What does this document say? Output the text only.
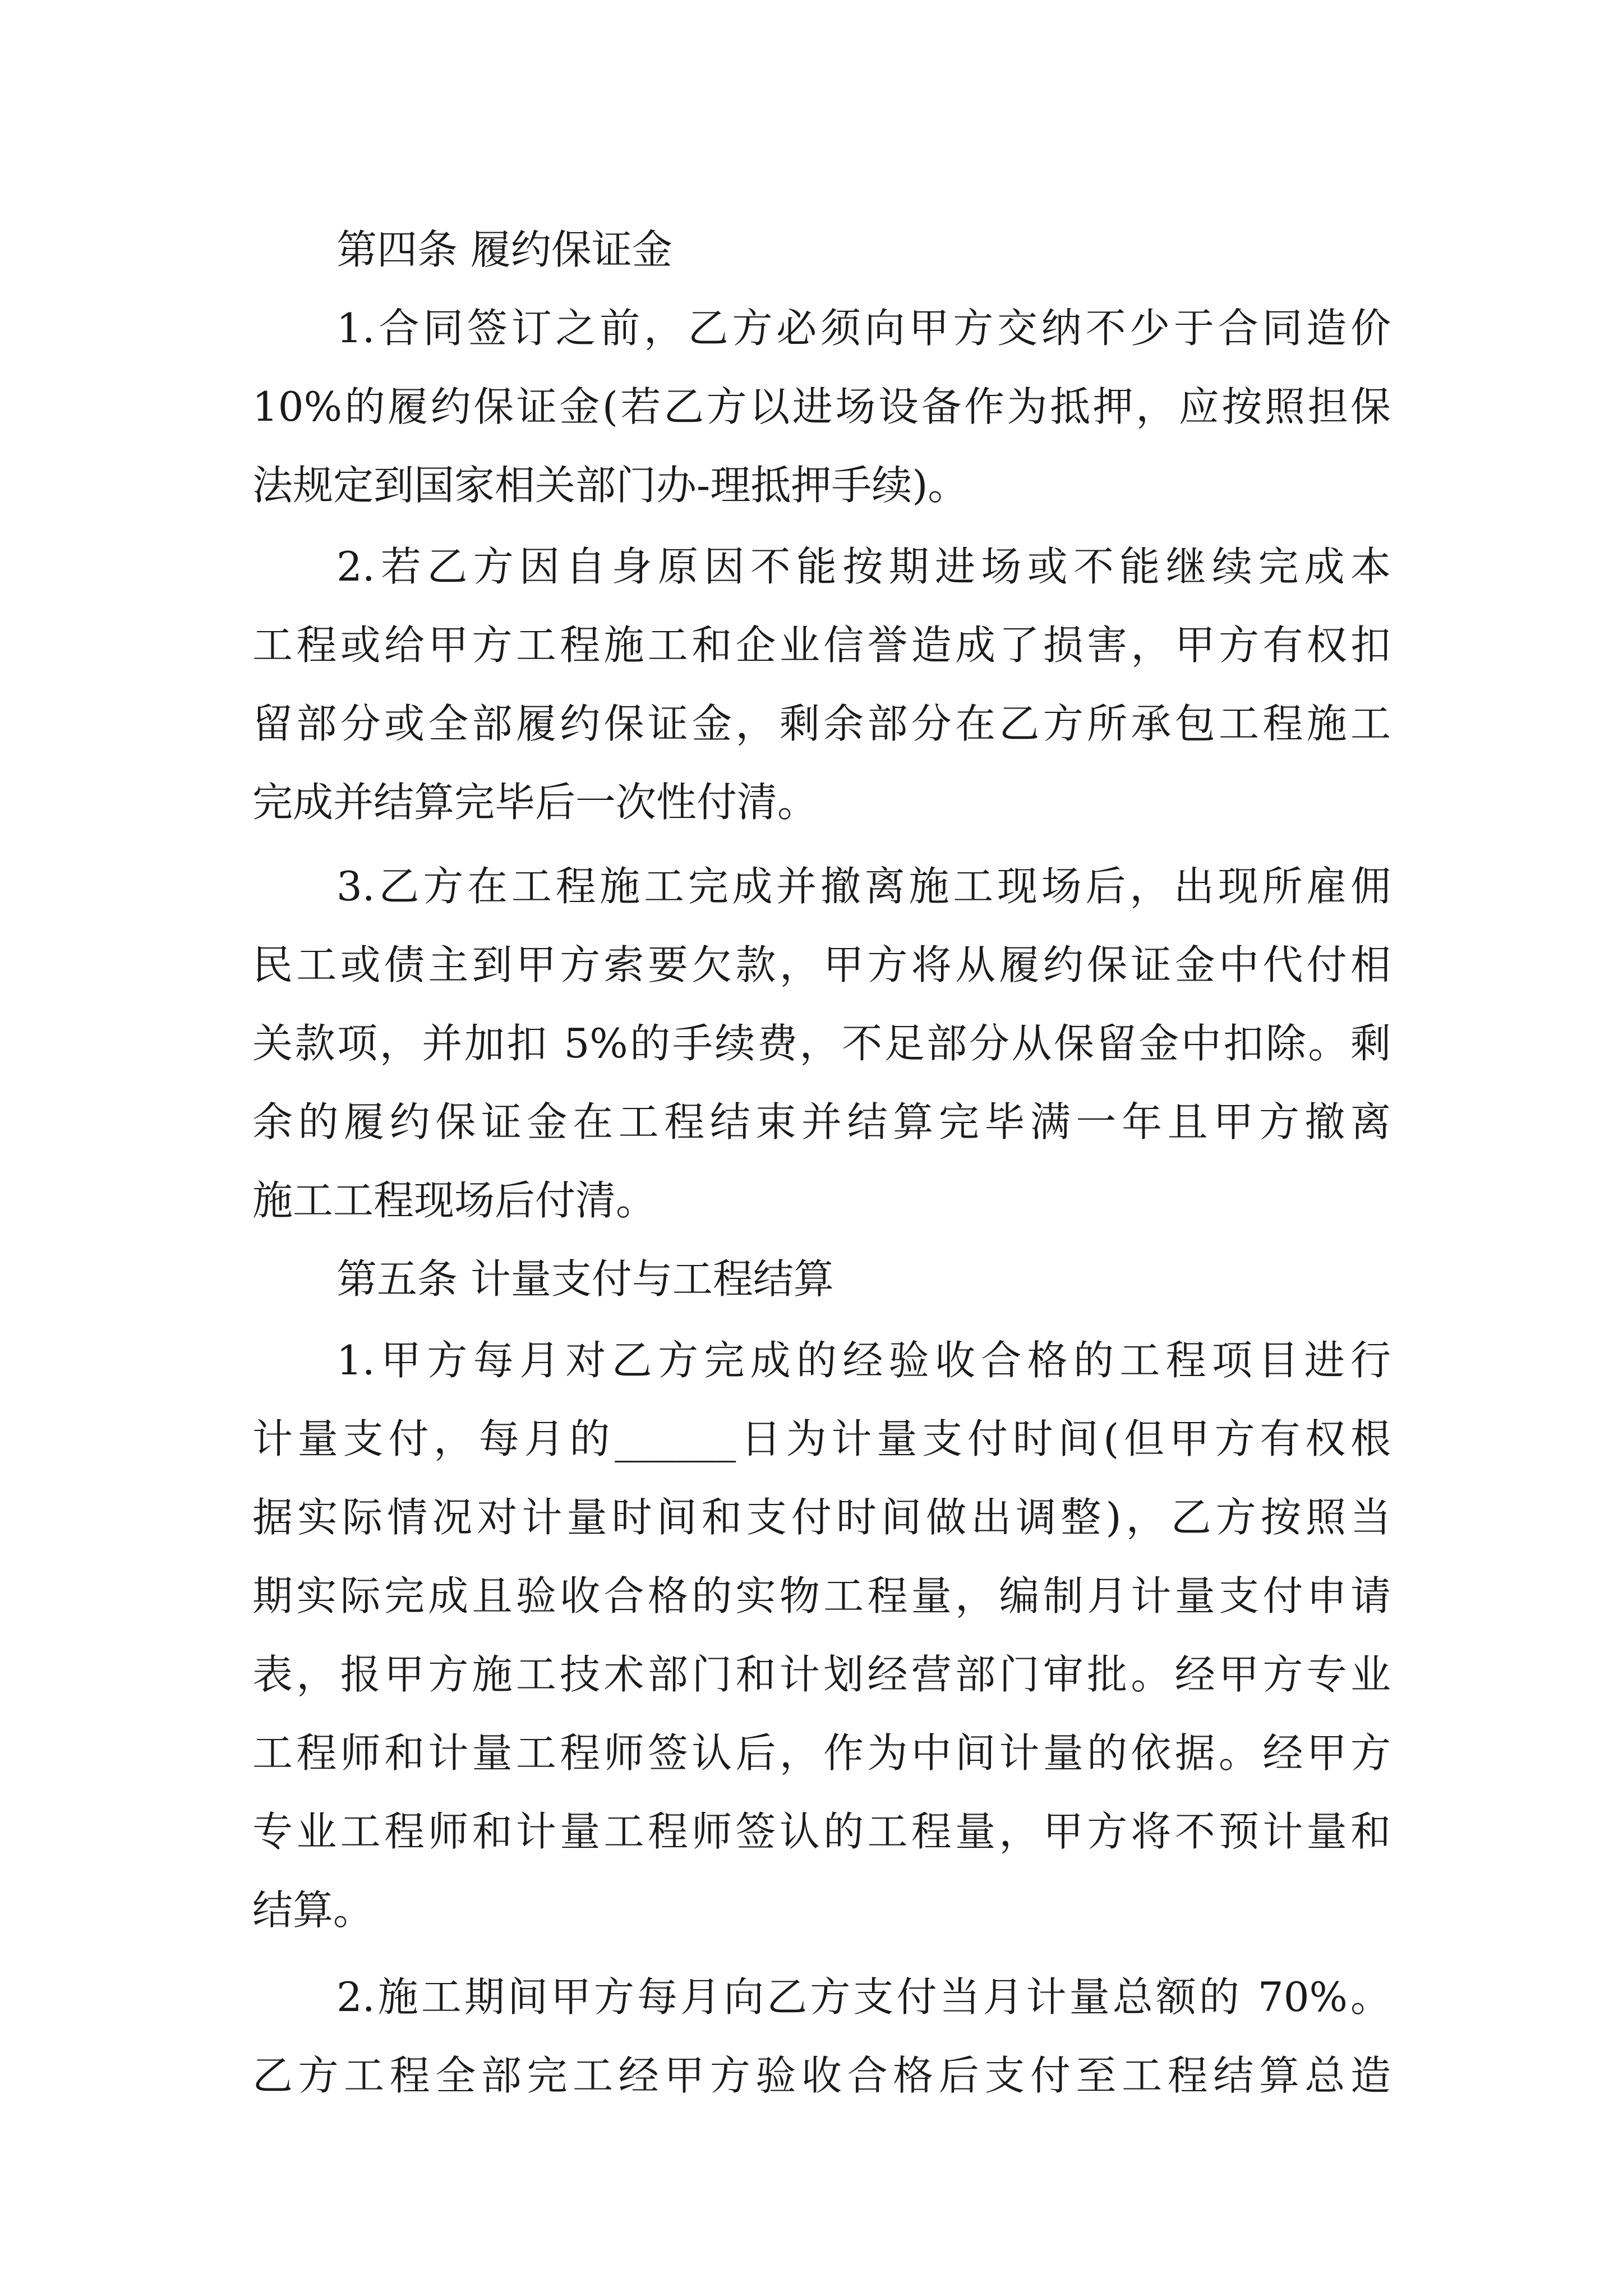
第四条 履约保证金
1.合同签订之前，乙方必须向甲方交纳不少于合同造价
10%的履约保证金(若乙方以进场设备作为抵押，应按照担保
法规定到国家相关部门办-理抵押手续)。
2.若乙方因自身原因不能按期进场或不能继续完成本
工程或给甲方工程施工和企业信誉造成了损害，甲方有权扣
留部分或全部履约保证金，剩余部分在乙方所承包工程施工
完成并结算完毕后一次性付清。
3.乙方在工程施工完成并撤离施工现场后，出现所雇佣
民工或债主到甲方索要欠款，甲方将从履约保证金中代付相
关款项，并加扣 5%的手续费，不足部分从保留金中扣除。剩
余的履约保证金在工程结束并结算完毕满一年且甲方撤离
施工工程现场后付清。
第五条 计量支付与工程结算
1.甲方每月对乙方完成的经验收合格的工程项目进行
计量支付，每月的______日为计量支付时间(但甲方有权根
据实际情况对计量时间和支付时间做出调整)，乙方按照当
期实际完成且验收合格的实物工程量，编制月计量支付申请
表，报甲方施工技术部门和计划经营部门审批。经甲方专业
工程师和计量工程师签认后，作为中间计量的依据。经甲方
专业工程师和计量工程师签认的工程量，甲方将不预计量和
结算。
2.施工期间甲方每月向乙方支付当月计量总额的 70%。
乙方工程全部完工经甲方验收合格后支付至工程结算总造
